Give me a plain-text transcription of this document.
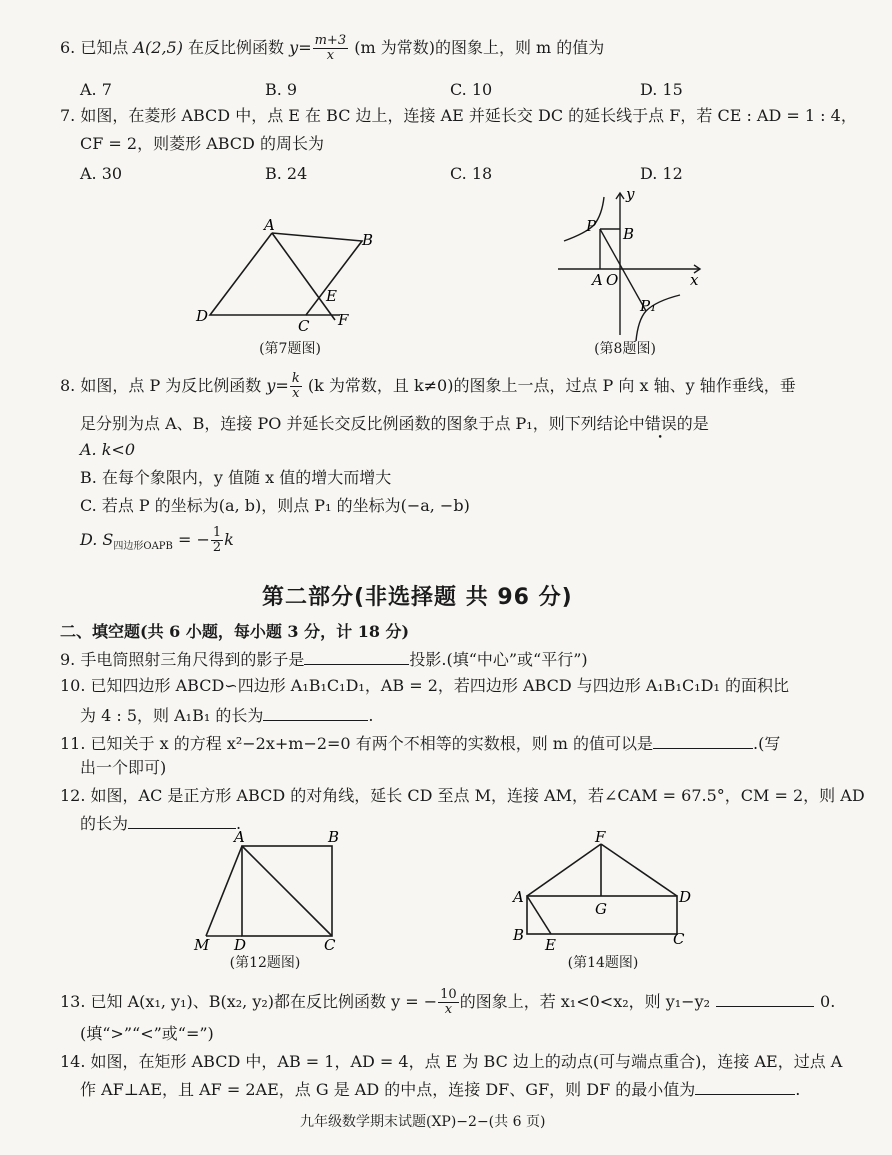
6. 已知点 A(2,5) 在反比例函数 $y= \frac{m+3}{x} (m$ 为常数)的图象上，则 m 的值为
A. 7	B. 9	C. 10	D. 15
7. 如图，在菱形 ABCD 中，点 E 在 BC 边上，连接 AE 并延长交 DC 的延长线于点 F，若 CE : AD = 1 : 4，
CF = 2，则菱形 ABCD 的周长为
A. 30	B. 24	C. 18	D. 12
A
B
C
D
E
F
(第7题图)
y
P B
A O	x
P₁
(第8题图)
8. 如图，点 P 为反比例函数 $y= \frac{k}{x} (k$ 为常数，且 k≠0)的图象上一点，过点 P 向 x 轴、y 轴作垂线，垂
足分别为点 A、B，连接 PO 并延长交反比例函数的图象于点 P₁，则下列结论中错误的是
A. k<0
B. 在每个象限内，y 值随 x 值的增大而增大
C. 若点 P 的坐标为(a, b)，则点 P₁ 的坐标为(−a, −b)
D. $S_{四边形OAPB}$ = − $\frac{1}{2}$ k
第二部分(非选择题 共 96 分)
二、填空题(共 6 小题，每小题 3 分，计 18 分)
9. 手电筒照射三角尺得到的影子是	投影.(填“中心”或“平行”)
10. 已知四边形 ABCD∽四边形 A₁B₁C₁D₁，AB = 2，若四边形 ABCD 与四边形 A₁B₁C₁D₁ 的面积比
为 4 : 5，则 A₁B₁ 的长为	.
11. 已知关于 x 的方程 x²−2x+m−2=0 有两个不相等的实数根，则 m 的值可以是	.(写
出一个即可)
12. 如图，AC 是正方形 ABCD 的对角线，延长 CD 至点 M，连接 AM，若∠CAM = 67.5°，CM = 2，则 AD
的长为	.
A	B
M D	C
(第12题图)
F
A
G
D
B
E	C
(第14题图)
13. 已知 A(x₁, y₁)、B(x₂, y₂)都在反比例函数 y = − $\frac{10}{x}$ 的图象上，若 x₁<0<x₂，则 y₁−y₂	0.
(填“>”“<”或“=”)
14. 如图，在矩形 ABCD 中，AB = 1，AD = 4，点 E 为 BC 边上的动点(可与端点重合)，连接 AE，过点 A
作 AF⊥AE，且 AF = 2AE，点 G 是 AD 的中点，连接 DF、GF，则 DF 的最小值为	.
九年级数学期末试题(XP)−2−(共 6 页)
